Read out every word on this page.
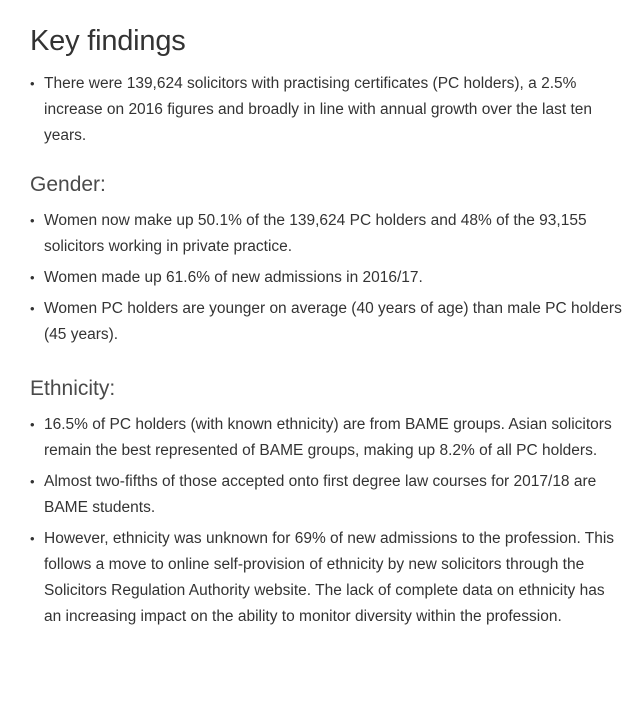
Key findings
• There were 139,624 solicitors with practising certificates (PC holders), a 2.5% increase on 2016 figures and broadly in line with annual growth over the last ten years.
Gender:
• Women now make up 50.1% of the 139,624 PC holders and 48% of the 93,155 solicitors working in private practice.
• Women made up 61.6% of new admissions in 2016/17.
• Women PC holders are younger on average (40 years of age) than male PC holders (45 years).
Ethnicity:
• 16.5% of PC holders (with known ethnicity) are from BAME groups. Asian solicitors remain the best represented of BAME groups, making up 8.2% of all PC holders.
• Almost two-fifths of those accepted onto first degree law courses for 2017/18 are BAME students.
• However, ethnicity was unknown for 69% of new admissions to the profession. This follows a move to online self-provision of ethnicity by new solicitors through the Solicitors Regulation Authority website. The lack of complete data on ethnicity has an increasing impact on the ability to monitor diversity within the profession.
